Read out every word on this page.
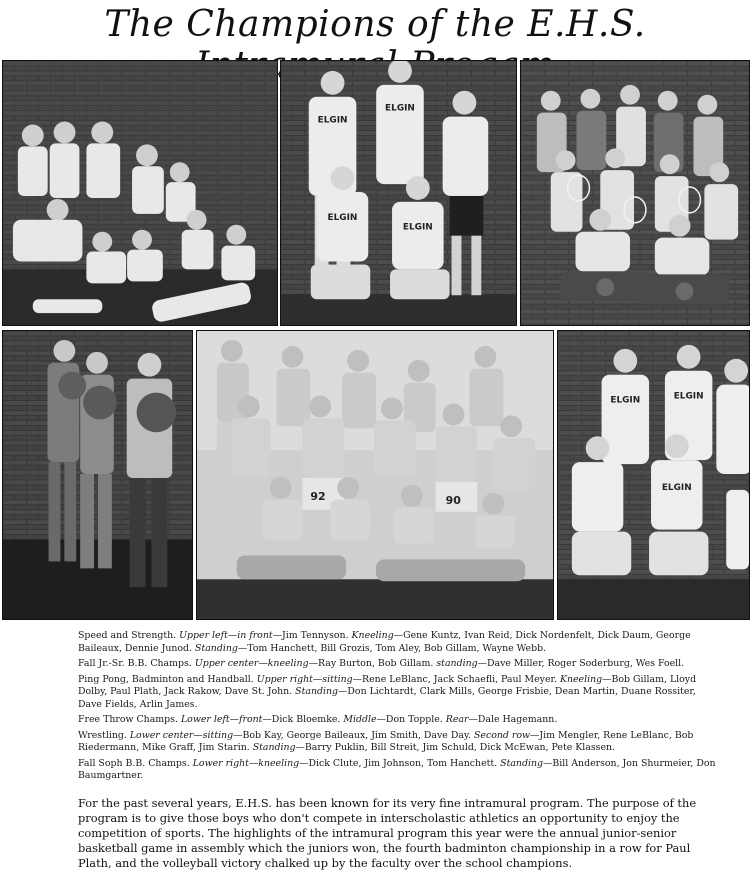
The Champions of the E.H.S.
ELGIN
ELGIN
ELGIN
ELGIN
92	90
ELGIN	ELGIN
ELGIN

Speed and Strength. Upper left—in front—Jim Tennyson. Kneeling—Gene Kuntz, Ivan Reid, Dick Nordenfelt, Dick Daum, George Baileaux, Dennie Junod. Standing—Tom Hanchett, Bill Grozis, Tom Aley, Bob Gillam, Wayne Webb.

Fall Jr.-Sr. B.B. Champs. Upper center—kneeling—Ray Burton, Bob Gillam. standing—Dave Miller, Roger Soderburg, Wes Foell.

Ping Pong, Badminton and Handball. Upper right—sitting—Rene LeBlanc, Jack Schaefli, Paul Meyer. Kneeling—Bob Gillam, Lloyd Dolby, Paul Plath, Jack Rakow, Dave St. John. Standing—Don Lichtardt, Clark Mills, George Frisbie, Dean Martin, Duane Rossiter, Dave Fields, Arlin James.

Free Throw Champs. Lower left—front—Dick Bloemke. Middle—Don Topple. Rear—Dale Hagemann.

Wrestling. Lower center—sitting—Bob Kay, George Baileaux, Jim Smith, Dave Day. Second row—Jim Mengler, Rene LeBlanc, Bob Riedermann, Mike Graff, Jim Starin. Standing—Barry Puklin, Bill Streit, Jim Schuld, Dick McEwan, Pete Klassen.

Fall Soph B.B. Champs. Lower right—kneeling—Dick Clute, Jim Johnson, Tom Hanchett. Standing—Bill Anderson, Jon Shurmeier, Don Baumgartner.

For the past several years, E.H.S. has been known for its very fine intramural program. The purpose of the program is to give those boys who don't compete in interscholastic athletics an opportunity to enjoy the competition of sports. The highlights of the intramural program this year were the annual junior-senior basketball game in assembly which the juniors won, the fourth badminton championship in a row for Paul Plath, and the volleyball victory chalked up by the faculty over the school champions.
